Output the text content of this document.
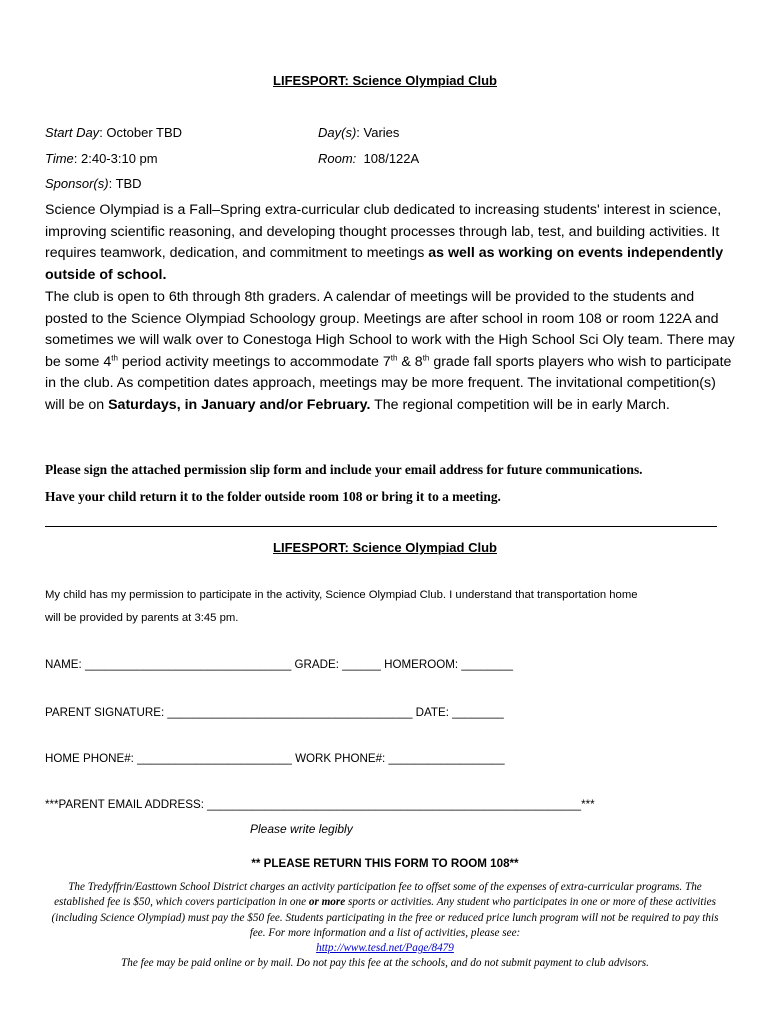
LIFESPORT: Science Olympiad Club
Start Day: October TBD	Day(s): Varies
Time: 2:40-3:10 pm	Room:  108/122A
Sponsor(s): TBD
Science Olympiad is a Fall–Spring extra-curricular club dedicated to increasing students' interest in science, improving scientific reasoning, and developing thought processes through lab, test, and building activities. It requires teamwork, dedication, and commitment to meetings as well as working on events independently outside of school.
The club is open to 6th through 8th graders. A calendar of meetings will be provided to the students and posted to the Science Olympiad Schoology group. Meetings are after school in room 108 or room 122A and sometimes we will walk over to Conestoga High School to work with the High School Sci Oly team. There may be some 4th period activity meetings to accommodate 7th & 8th grade fall sports players who wish to participate in the club. As competition dates approach, meetings may be more frequent. The invitational competition(s) will be on Saturdays, in January and/or February. The regional competition will be in early March.
Please sign the attached permission slip form and include your email address for future communications.
Have your child return it to the folder outside room 108 or bring it to a meeting.
LIFESPORT: Science Olympiad Club
My child has my permission to participate in the activity, Science Olympiad Club. I understand that transportation home
will be provided by parents at 3:45 pm.
NAME: ________________________________ GRADE: ______ HOMEROOM: ________
PARENT SIGNATURE: ______________________________________ DATE: ________
HOME PHONE#: ________________________ WORK PHONE#: __________________
***PARENT EMAIL ADDRESS: __________________________________________________________***
Please write legibly
** PLEASE RETURN THIS FORM TO ROOM 108**
The Tredyffrin/Easttown School District charges an activity participation fee to offset some of the expenses of extra-curricular programs. The established fee is $50, which covers participation in one or more sports or activities. Any student who participates in one or more of these activities (including Science Olympiad) must pay the $50 fee. Students participating in the free or reduced price lunch program will not be required to pay this fee. For more information and a list of activities, please see:
http://www.tesd.net/Page/8479
The fee may be paid online or by mail. Do not pay this fee at the schools, and do not submit payment to club advisors.
